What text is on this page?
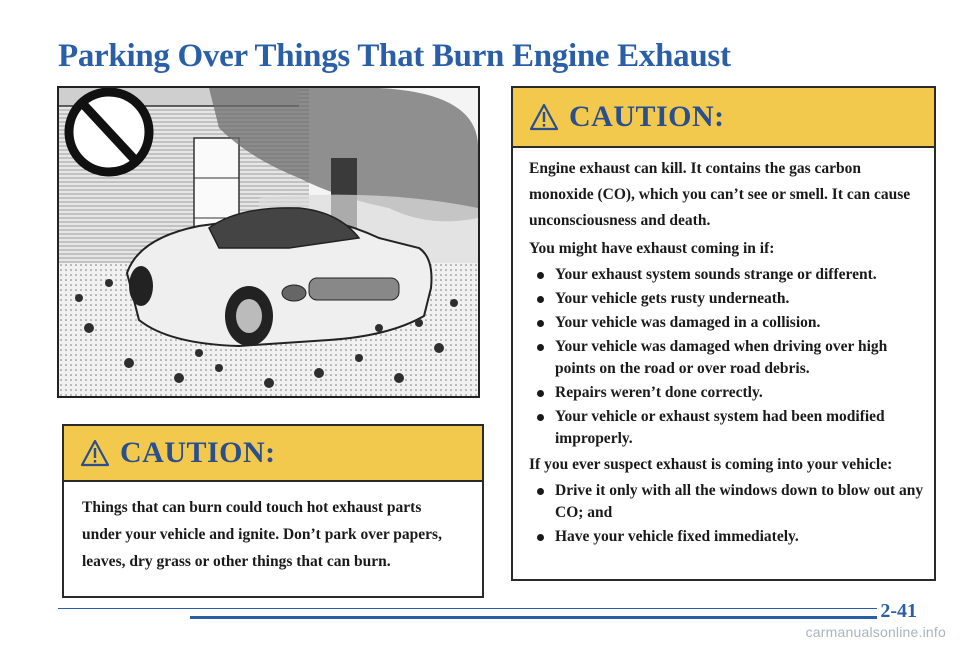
Parking Over Things That Burn Engine Exhaust
CAUTION:
Things that can burn could touch hot exhaust parts under your vehicle and ignite. Don’t park over papers, leaves, dry grass or other things that can burn.
CAUTION:

Engine exhaust can kill. It contains the gas carbon monoxide (CO), which you can’t see or smell. It can cause unconsciousness and death.

You might have exhaust coming in if:

Your exhaust system sounds strange or different.
Your vehicle gets rusty underneath.
Your vehicle was damaged in a collision.
Your vehicle was damaged when driving over high points on the road or over road debris.
Repairs weren’t done correctly.
Your vehicle or exhaust system had been modified improperly.

If you ever suspect exhaust is coming into your vehicle:

Drive it only with all the windows down to blow out any CO; and
Have your vehicle fixed immediately.
2-41
carmanualsonline.info
